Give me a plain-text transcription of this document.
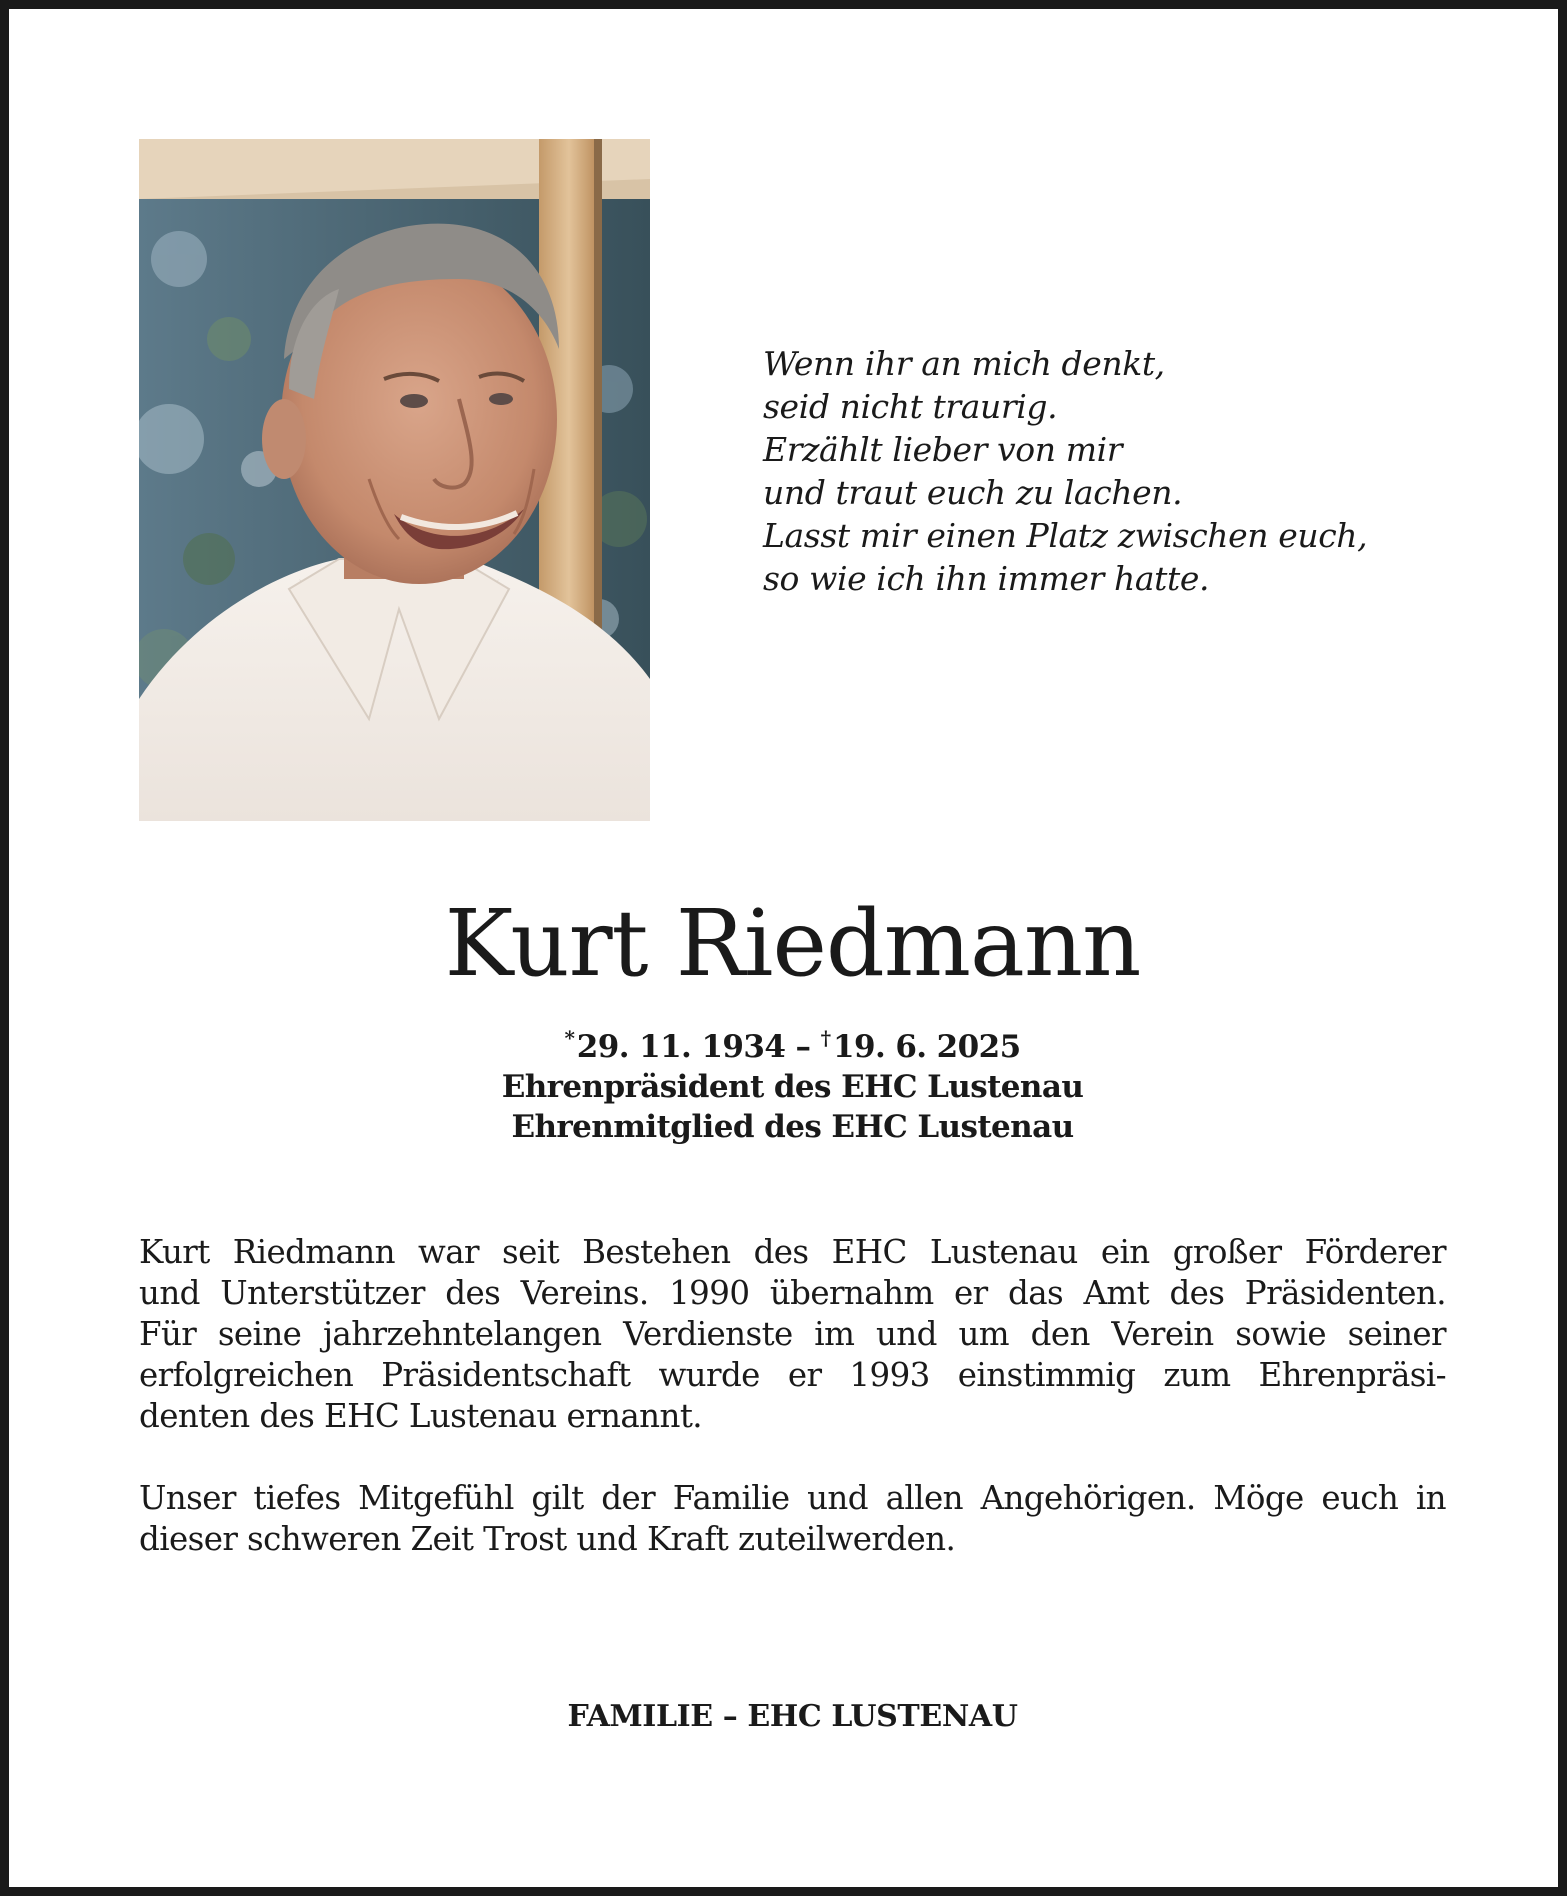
Wenn ihr an mich denkt,
seid nicht traurig.
Erzählt lieber von mir
und traut euch zu lachen.
Lasst mir einen Platz zwischen euch,
so wie ich ihn immer hatte.
Kurt Riedmann
* 29. 11. 1934 – † 19. 6. 2025
Ehrenpräsident des EHC Lustenau
Ehrenmitglied des EHC Lustenau
Kurt Riedmann war seit Bestehen des EHC Lustenau ein großer Förderer
und Unterstützer des Vereins. 1990 übernahm er das Amt des Präsidenten.
Für seine jahrzehntelangen Verdienste im und um den Verein sowie seiner
erfolgreichen Präsidentschaft wurde er 1993 einstimmig zum Ehrenpräsi-
denten des EHC Lustenau ernannt.
Unser tiefes Mitgefühl gilt der Familie und allen Angehörigen. Möge euch in
dieser schweren Zeit Trost und Kraft zuteilwerden.
FAMILIE – EHC LUSTENAU
